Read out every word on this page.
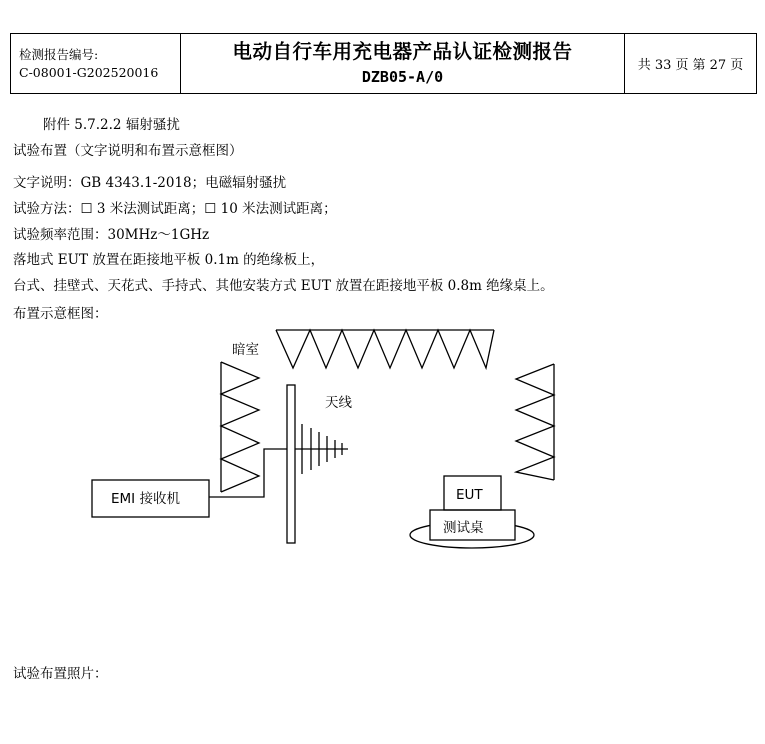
检测报告编号:
C-08001-G202520016
电动自行车用充电器产品认证检测报告
DZB05-A/0
共 33 页 第 27 页
附件 5.7.2.2 辐射骚扰
试验布置（文字说明和布置示意框图）
文字说明：GB 4343.1-2018；电磁辐射骚扰
试验方法：☐ 3 米法测试距离；☐ 10 米法测试距离；
试验频率范围：30MHz～1GHz
落地式 EUT 放置在距接地平板 0.1m 的绝缘板上，
台式、挂壁式、天花式、手持式、其他安装方式 EUT 放置在距接地平板 0.8m 绝缘桌上。
布置示意框图：
暗室
天线
EMI 接收机	EUT
测试桌
试验布置照片：
